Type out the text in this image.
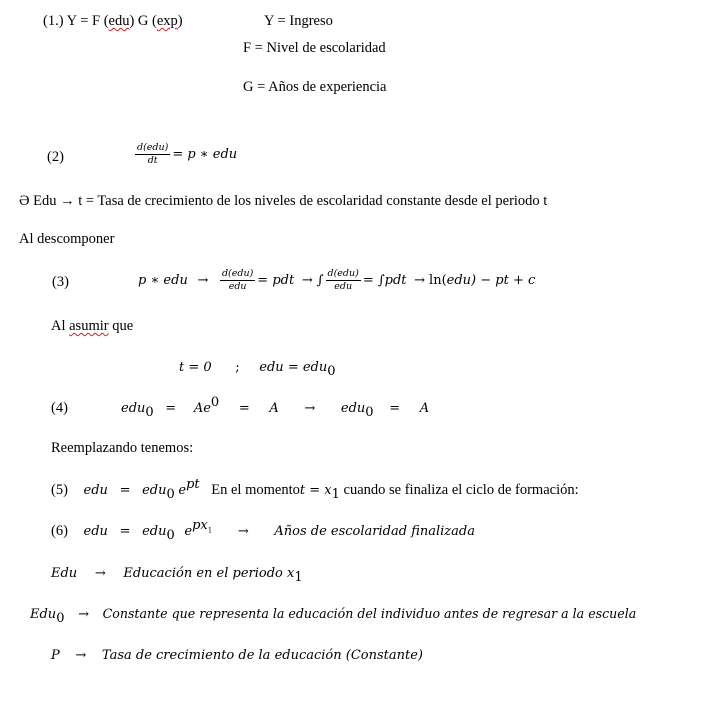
(1.) Y = F (edu) G (exp)	Y = Ingreso
F = Nivel de escolaridad
G = Años de experiencia
(2)	$\frac{\text{d(edu)}}{dt} = p$ ∗ edu
Ə Edu → t = Tasa de crecimiento de los niveles de escolaridad constante desde el periodo t
Al descomponer
(3)	p ∗ edu → $\frac{\text{d(edu)}}{\text{edu}}$ = pdt → ∫ $\frac{\text{d(edu)}}{\text{edu}} = \int pdt \to \ln(edu)$ − pt + c
Al asumir que
t = 0 ; edu = edu$_0$
(4)	$edu_0 = Ae^0 = A \to edu_0 = A$
Reemplazando tenemos:
(5) edu = edu$_0$ $e^{pt}$ En el momentot = $x_1$ cuando se finaliza el ciclo de formación:
(6) edu = edu$_0$ $e^{px_1}$ → Años de escolaridad finalizada
Edu → Educación en el periodo $x_1$
Edu$_0$ → Constante que representa la educación del individuo antes de regresar a la escuela
P → Tasa de crecimiento de la educación (Constante)
